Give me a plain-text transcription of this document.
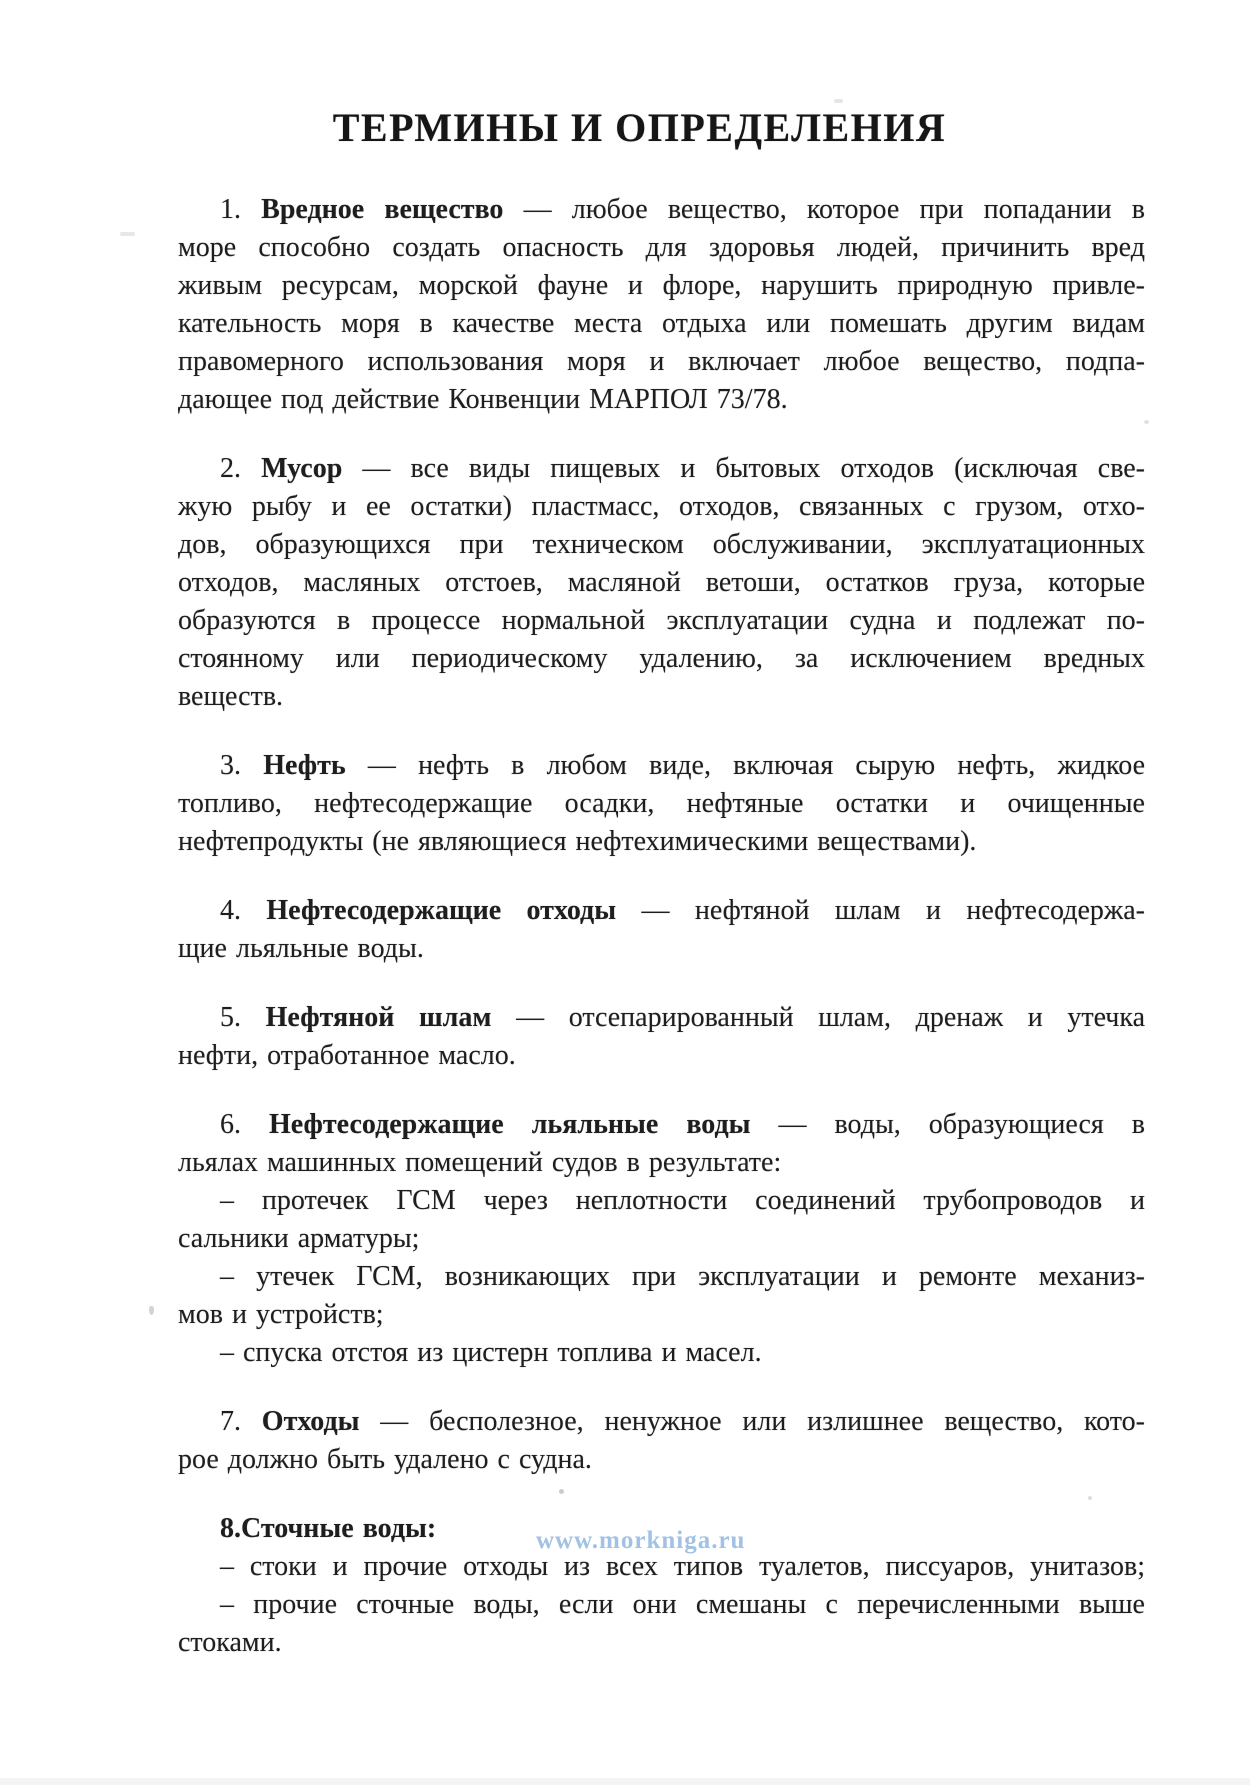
ТЕРМИНЫ И ОПРЕДЕЛЕНИЯ
1. Вредное вещество — любое вещество, которое при попадании в
море способно создать опасность для здоровья людей, причинить вред
живым ресурсам, морской фауне и флоре, нарушить природную привле-
кательность моря в качестве места отдыха или помешать другим видам
правомерного использования моря и включает любое вещество, подпа-
дающее под действие Конвенции МАРПОЛ 73/78.
2. Мусор — все виды пищевых и бытовых отходов (исключая све-
жую рыбу и ее остатки) пластмасс, отходов, связанных с грузом, отхо-
дов, образующихся при техническом обслуживании, эксплуатационных
отходов, масляных отстоев, масляной ветоши, остатков груза, которые
образуются в процессе нормальной эксплуатации судна и подлежат по-
стоянному или периодическому удалению, за исключением вредных
веществ.
3. Нефть — нефть в любом виде, включая сырую нефть, жидкое
топливо, нефтесодержащие осадки, нефтяные остатки и очищенные
нефтепродукты (не являющиеся нефтехимическими веществами).
4. Нефтесодержащие отходы — нефтяной шлам и нефтесодержа-
щие льяльные воды.
5. Нефтяной шлам — отсепарированный шлам, дренаж и утечка
нефти, отработанное масло.
6. Нефтесодержащие льяльные воды — воды, образующиеся в
льялах машинных помещений судов в результате:
– протечек ГСМ через неплотности соединений трубопроводов и
сальники арматуры;
– утечек ГСМ, возникающих при эксплуатации и ремонте механиз-
мов и устройств;
– спуска отстоя из цистерн топлива и масел.
7. Отходы — бесполезное, ненужное или излишнее вещество, кото-
рое должно быть удалено с судна.
8.Сточные воды:
– стоки и прочие отходы из всех типов туалетов, писсуаров, унитазов;
– прочие сточные воды, если они смешаны с перечисленными выше
стоками.
www.morkniga.ru
